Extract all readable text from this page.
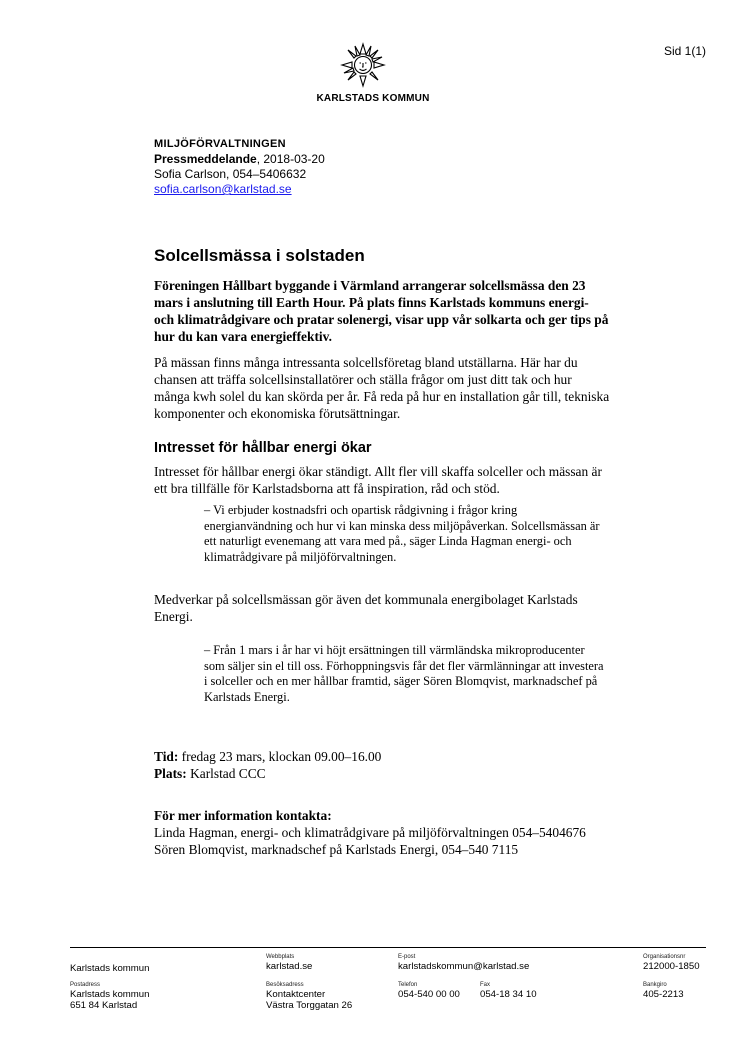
Sid 1(1)
KARLSTADS KOMMUN
MILJÖFÖRVALTNINGEN
Pressmeddelande, 2018-03-20
Sofia Carlson, 054–5406632
sofia.carlson@karlstad.se
Solcellsmässa i solstaden

Föreningen Hållbart byggande i Värmland arrangerar solcellsmässa den 23 mars i anslutning till Earth Hour. På plats finns Karlstads kommuns energi- och klimatrådgivare och pratar solenergi, visar upp vår solkarta och ger tips på hur du kan vara energieffektiv.

På mässan finns många intressanta solcellsföretag bland utställarna. Här har du chansen att träffa solcellsinstallatörer och ställa frågor om just ditt tak och hur många kwh solel du kan skörda per år. Få reda på hur en installation går till, tekniska komponenter och ekonomiska förutsättningar.

Intresset för hållbar energi ökar

Intresset för hållbar energi ökar ständigt. Allt fler vill skaffa solceller och mässan är ett bra tillfälle för Karlstadsborna att få inspiration, råd och stöd.

– Vi erbjuder kostnadsfri och opartisk rådgivning i frågor kring energianvändning och hur vi kan minska dess miljöpåverkan. Solcellsmässan är ett naturligt evenemang att vara med på., säger Linda Hagman energi- och klimatrådgivare på miljöförvaltningen.

Medverkar på solcellsmässan gör även det kommunala energibolaget Karlstads Energi.

– Från 1 mars i år har vi höjt ersättningen till värmländska mikroproducenter som säljer sin el till oss. Förhoppningsvis får det fler värmlänningar att investera i solceller och en mer hållbar framtid, säger Sören Blomqvist, marknadschef på Karlstads Energi.

Tid: fredag 23 mars, klockan 09.00–16.00

Plats: Karlstad CCC

För mer information kontakta:
Linda Hagman, energi- och klimatrådgivare på miljöförvaltningen 054–5404676

Sören Blomqvist, marknadschef på Karlstads Energi, 054–540 7115

Karlstads kommun
Webbplats
karlstad.se
E-post
karlstadskommun@karlstad.se
Organisationsnr
212000-1850
Postadress
Karlstads kommun
651 84 Karlstad
Besöksadress
Kontaktcenter
Västra Torggatan 26
Telefon
054-540 00 00
Fax
054-18 34 10
Bankgiro
405-2213
